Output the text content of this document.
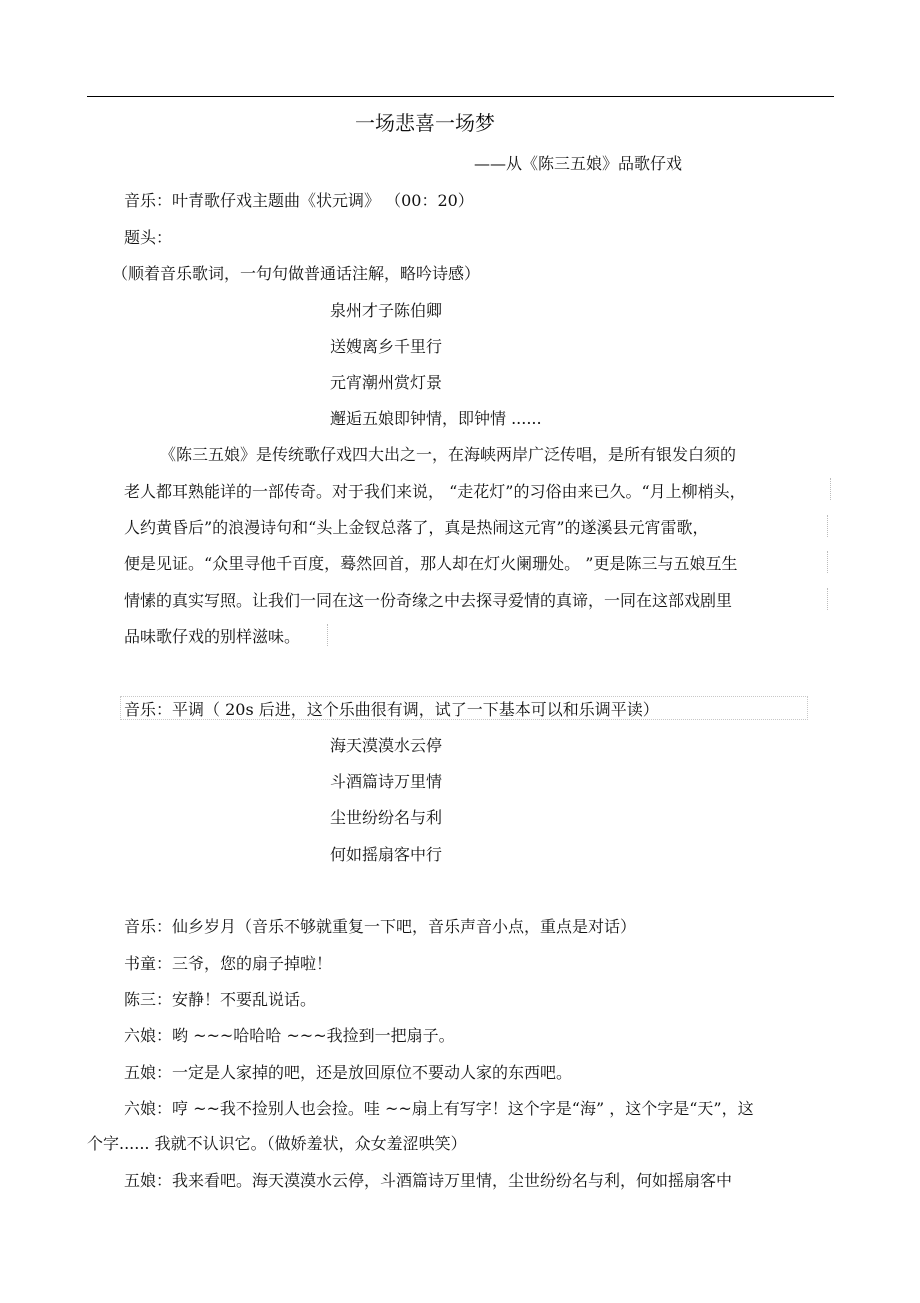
一场悲喜一场梦
——从《陈三五娘》品歌仔戏
音乐：叶青歌仔戏主题曲《状元调》 （00：20）
题头：
（顺着音乐歌词，一句句做普通话注解，略吟诗感）
泉州才子陈伯卿
送嫂离乡千里行
元宵潮州赏灯景
邂逅五娘即钟情，即钟情 ......
《陈三五娘》是传统歌仔戏四大出之一，在海峡两岸广泛传唱，是所有银发白须的
老人都耳熟能详的一部传奇。对于我们来说， “走花灯”的习俗由来已久。“月上柳梢头，
人约黄昏后”的浪漫诗句和“头上金钗总落了，真是热闹这元宵”的遂溪县元宵雷歌，
便是见证。“众里寻他千百度，蓦然回首，那人却在灯火阑珊处。 ”更是陈三与五娘互生
情愫的真实写照。让我们一同在这一份奇缘之中去探寻爱情的真谛，一同在这部戏剧里
品味歌仔戏的别样滋味。
音乐：平调（ 20s 后进，这个乐曲很有调，试了一下基本可以和乐调平读）
海天漠漠水云停
斗酒篇诗万里情
尘世纷纷名与利
何如摇扇客中行
音乐：仙乡岁月（音乐不够就重复一下吧，音乐声音小点，重点是对话）
书童：三爷，您的扇子掉啦！
陈三：安静！不要乱说话。
六娘：哟 ~~~哈哈哈 ~~~我捡到一把扇子。
五娘：一定是人家掉的吧，还是放回原位不要动人家的东西吧。
六娘：哼 ~~我不捡别人也会捡。哇 ~~扇上有写字！这个字是“海” ，这个字是“天”，这
个字...... 我就不认识它。（做娇羞状，众女羞涩哄笑）
五娘：我来看吧。海天漠漠水云停，斗酒篇诗万里情，尘世纷纷名与利，何如摇扇客中
